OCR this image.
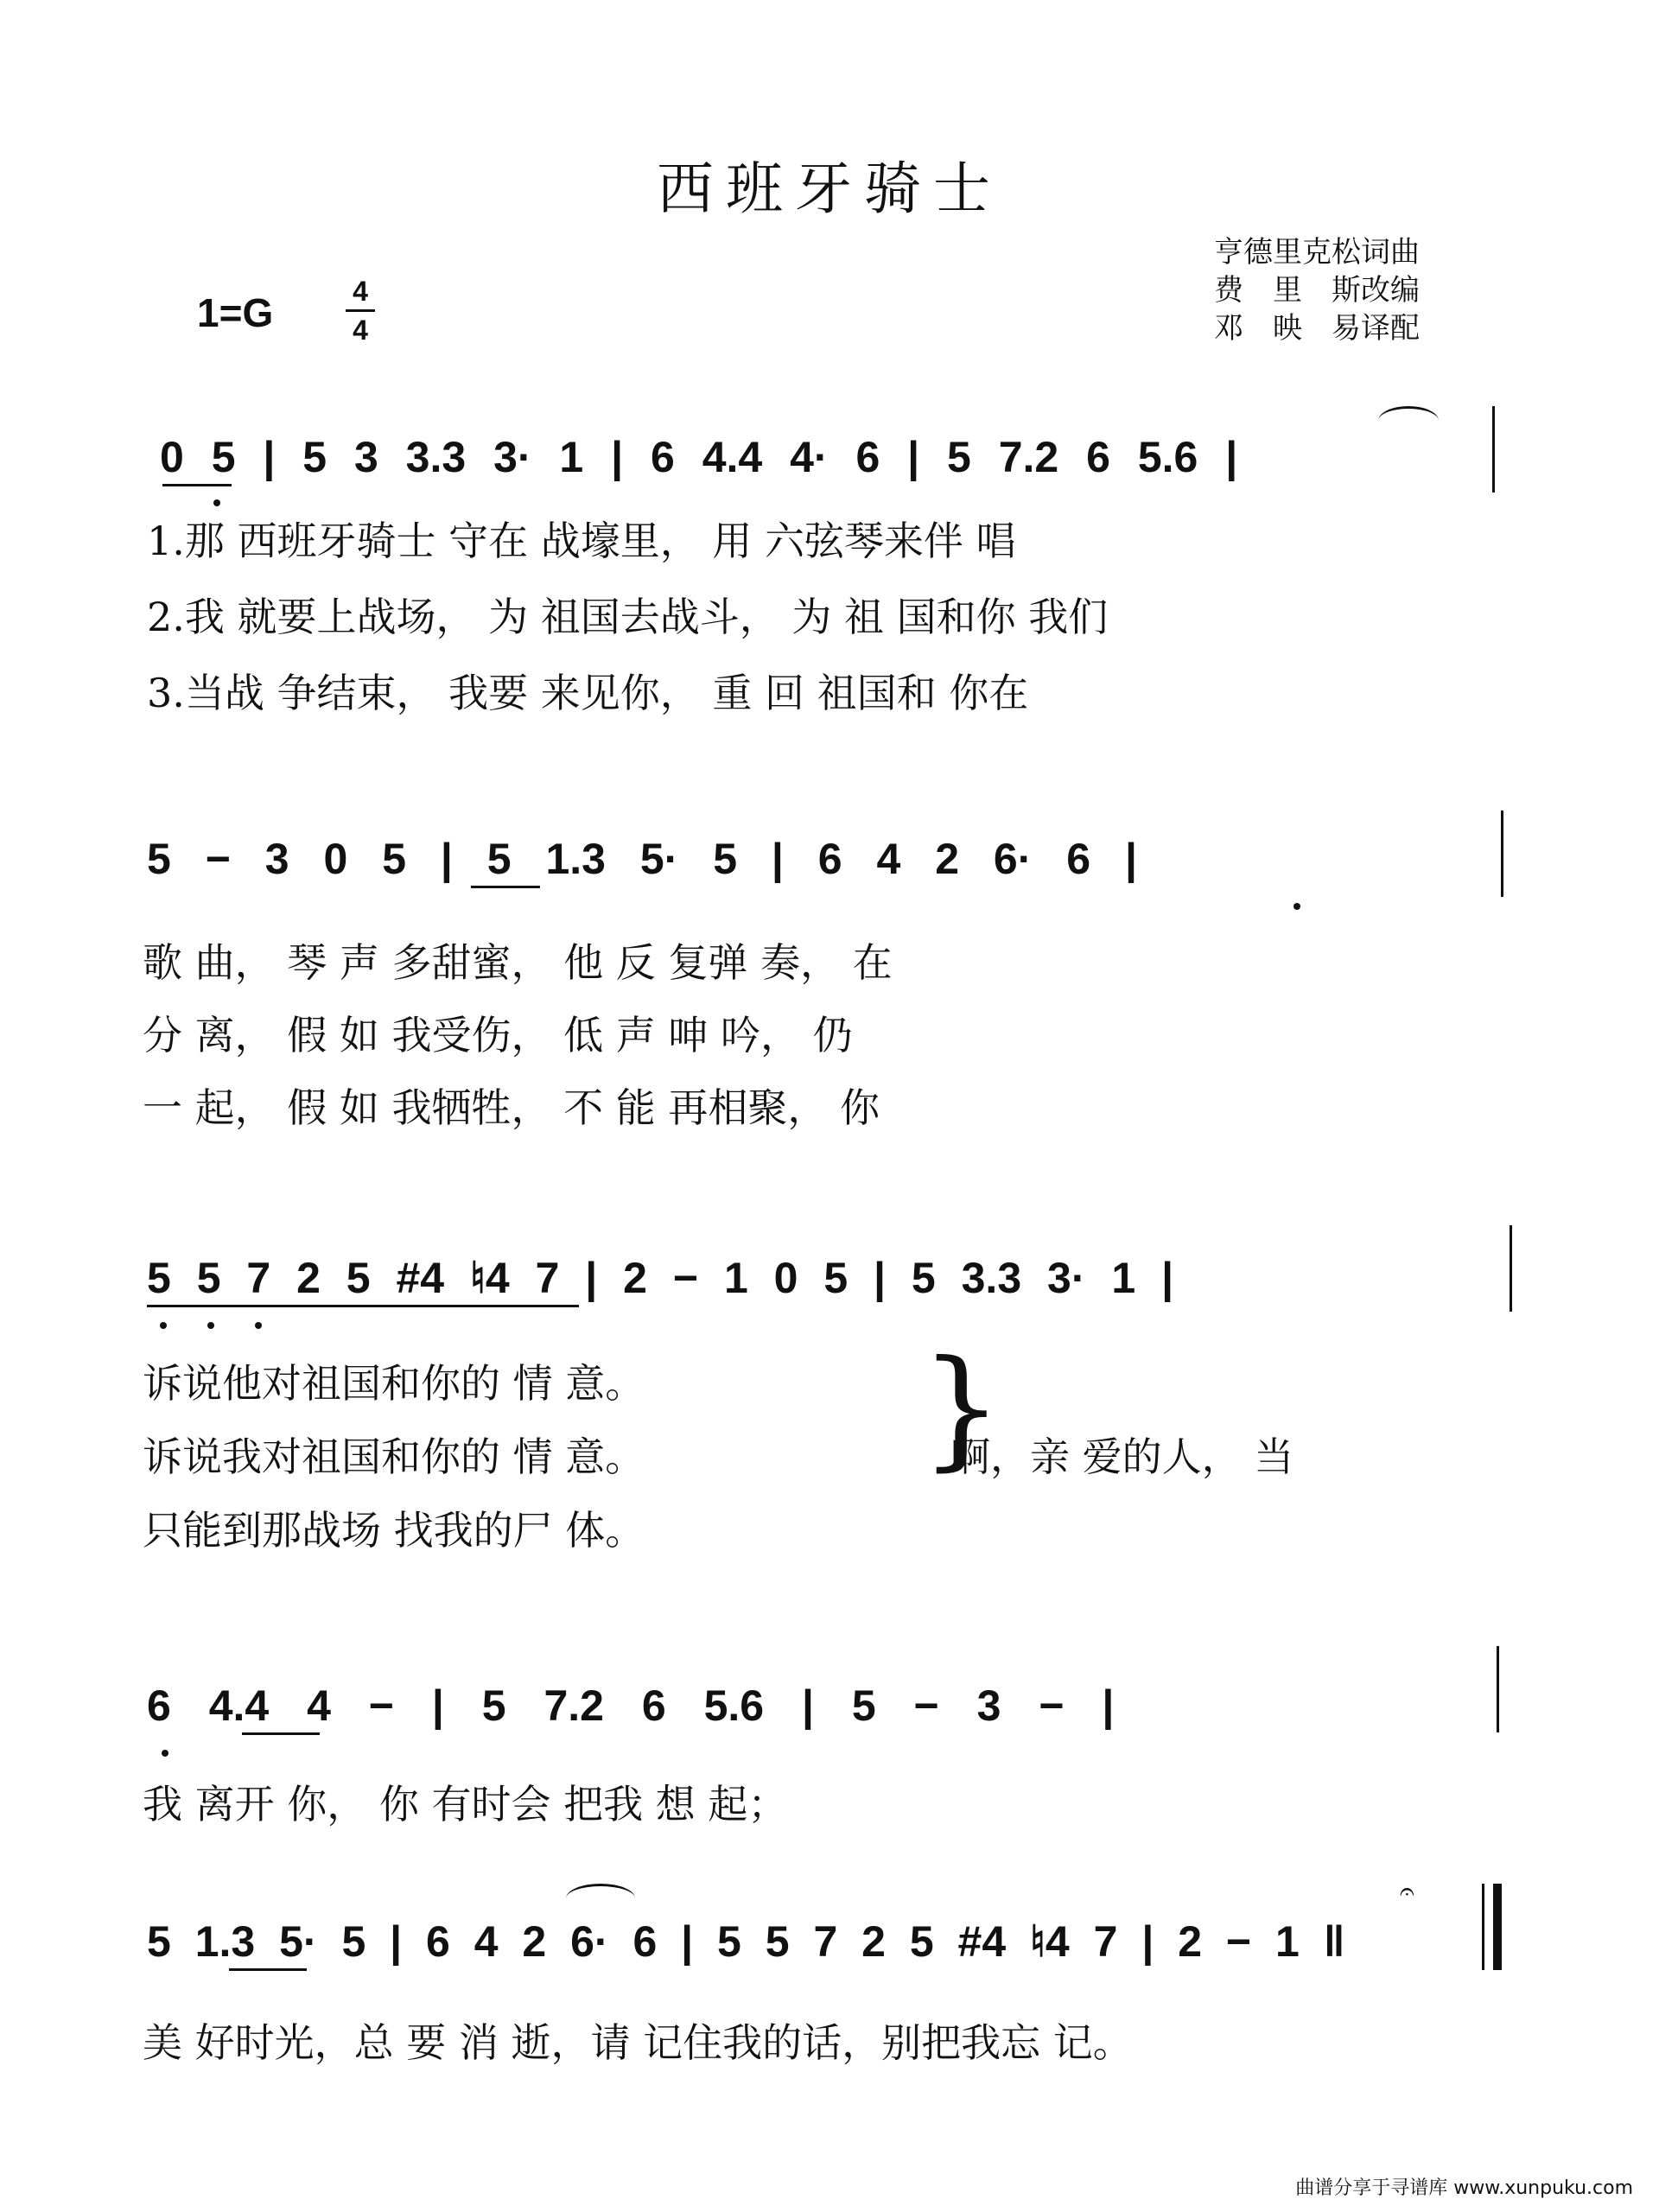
西班牙骑士
亨德里克松词曲
费　里　斯改编
邓　映　易译配
1=G	4
4
0 5 | 5 3 3.3 3· 1 | 6 4.4 4· 6 | 5 7.2 6 5.6 |
1.那 西班牙骑士 守在 战壕里， 用 六弦琴来伴 唱
2.我 就要上战场， 为 祖国去战斗， 为 祖 国和你 我们
3.当战 争结束， 我要 来见你， 重 回 祖国和 你在
5 − 3 0 5 | 5 1.3 5· 5 | 6 4 2 6· 6 |
歌 曲， 琴 声 多甜蜜， 他 反 复弹 奏， 在
分 离， 假 如 我受伤， 低 声 呻 吟， 仍
一 起， 假 如 我牺牲， 不 能 再相聚， 你
5 5 7 2 5 #4 ♮4 7 | 2 − 1 0 5 | 5 3.3 3· 1 |
诉说他对祖国和你的 情 意。
诉说我对祖国和你的 情 意。
只能到那战场 找我的尸 体。
}
啊，亲 爱的人， 当
6 4.4 4 − | 5 7.2 6 5.6 | 5 − 3 − |
我 离开 你， 你 有时会 把我 想 起；
5 1.3 5· 5 | 6 4 2 6· 6 | 5 5 7 2 5 #4 ♮4 7 | 2 − 1 ‖
美 好时光，总 要 消 逝，请 记住我的话，别把我忘 记。
𝄐
曲谱分享于寻谱库 www.xunpuku.com
